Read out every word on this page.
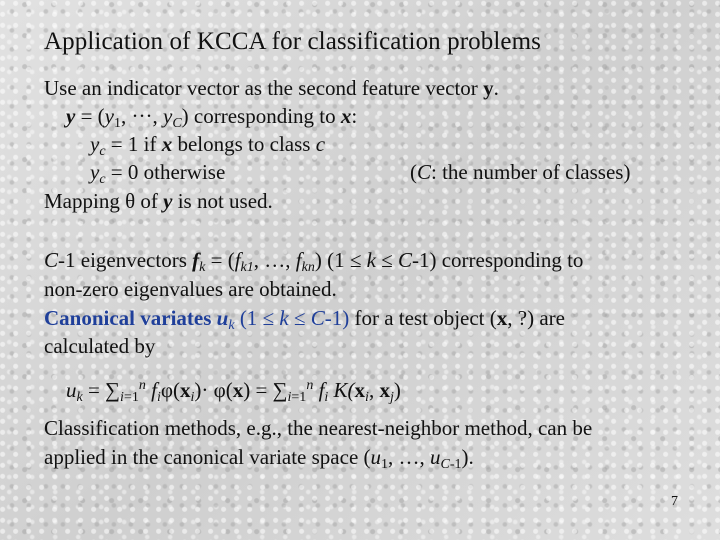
Application of KCCA for classification problems
Use an indicator vector as the second feature vector y.
$y = (y_1$, ···, $y_C$) corresponding to x:
$y_c = 1$ if x belongs to class c
$y_c = 0$ otherwise	(C: the number of classes)
Mapping θ of y is not used.
C-1 eigenvectors $f_k = (f_{k1}$, …, $f_{kn}$) (1 ≤ k ≤ C-1) corresponding to
non-zero eigenvalues are obtained.
Canonical variates $u_k$ (1 ≤ k ≤ C-1) for a test object (x, ?) are
calculated by
$u_k = \sum_{i=1}^n$ $f_i\varphi(x_i)\cdot \varphi(x) = \sum_{i=1}^n$ $f_i$ $K(x_i$, $x_j$)
Classification methods, e.g., the nearest-neighbor method, can be
applied in the canonical variate space ($u_1$, …, $u_{C-1}$).
7
